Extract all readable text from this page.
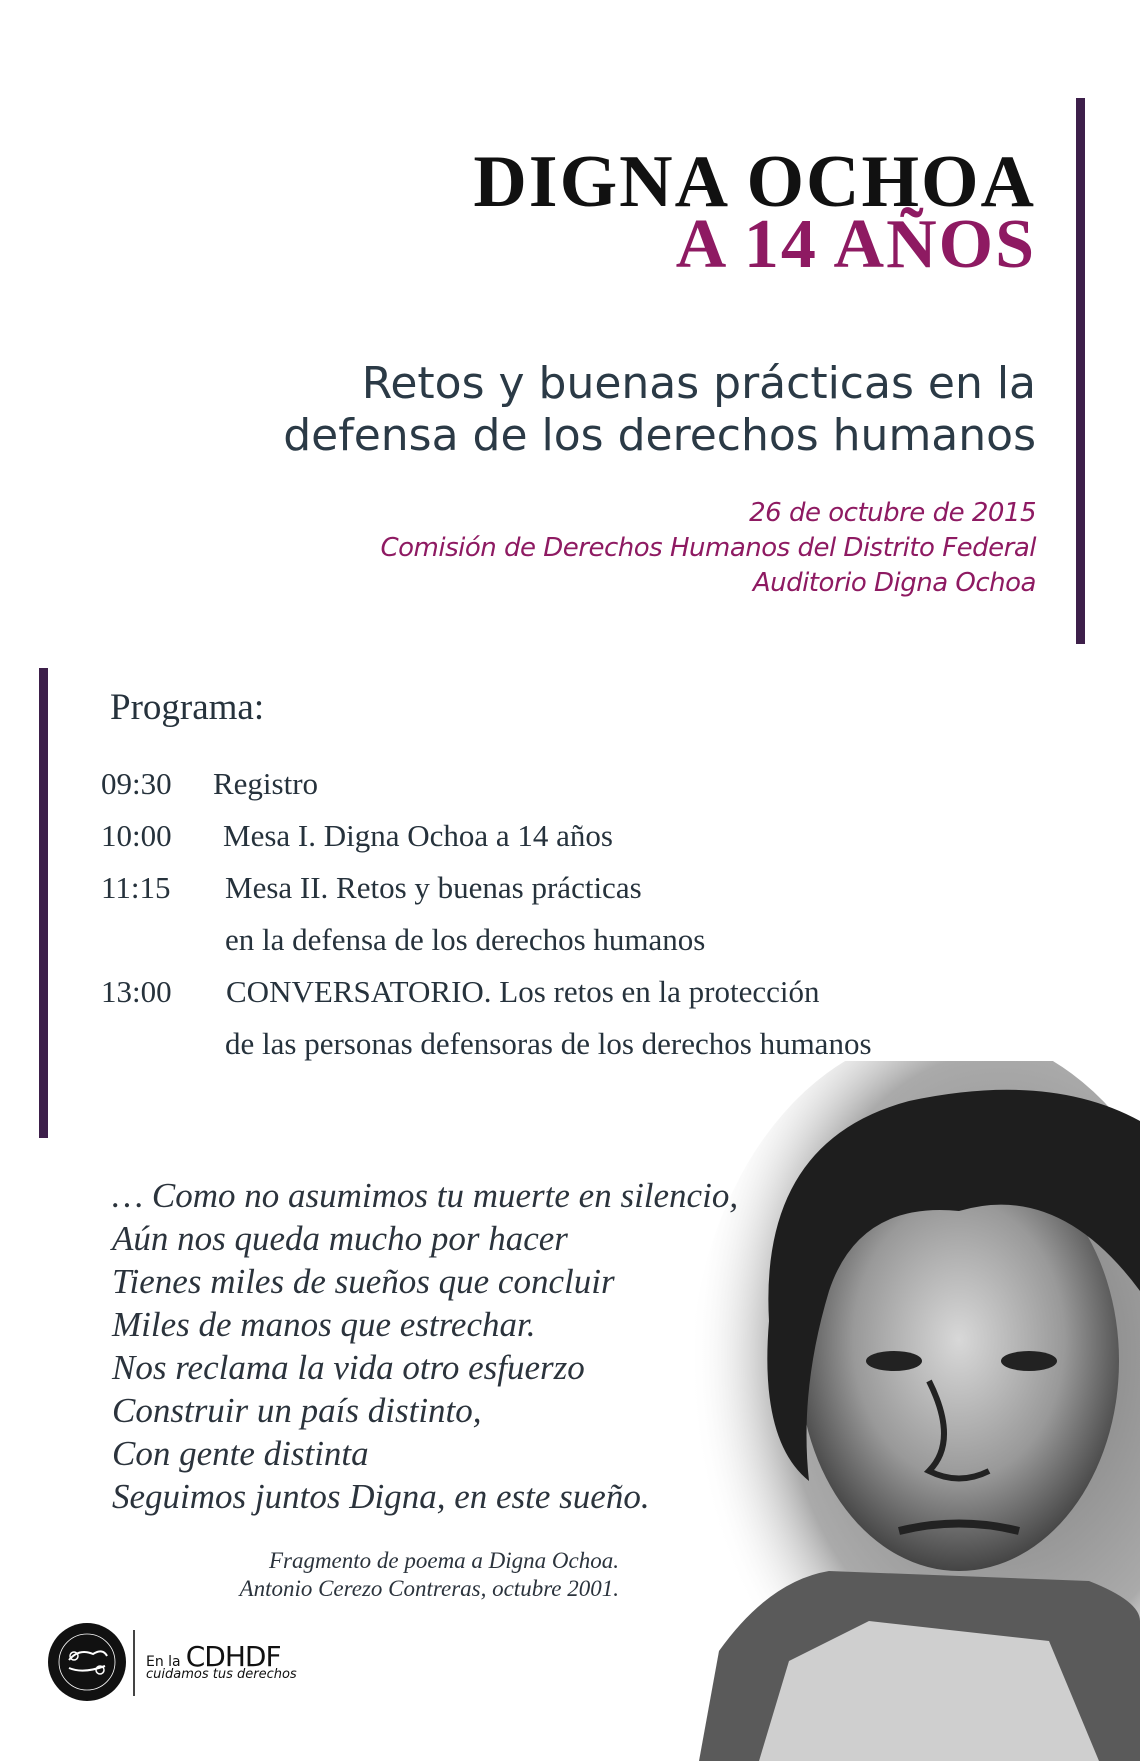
DIGNA OCHOA
A 14 AÑOS
Retos y buenas prácticas en la
defensa de los derechos humanos
26 de octubre de 2015
Comisión de Derechos Humanos del Distrito Federal
Auditorio Digna Ochoa
Programa:
09:30 Registro
10:00 Mesa I. Digna Ochoa a 14 años
11:15 Mesa II. Retos y buenas prácticas
en la defensa de los derechos humanos
13:00 CONVERSATORIO. Los retos en la protección
de las personas defensoras de los derechos humanos
… Como no asumimos tu muerte en silencio,
Aún nos queda mucho por hacer
Tienes miles de sueños que concluir
Miles de manos que estrechar.
Nos reclama la vida otro esfuerzo
Construir un país distinto,
Con gente distinta
Seguimos juntos Digna, en este sueño.
Fragmento de poema a Digna Ochoa.
Antonio Cerezo Contreras, octubre 2001.
En la CDHDF
cuidamos tus derechos
